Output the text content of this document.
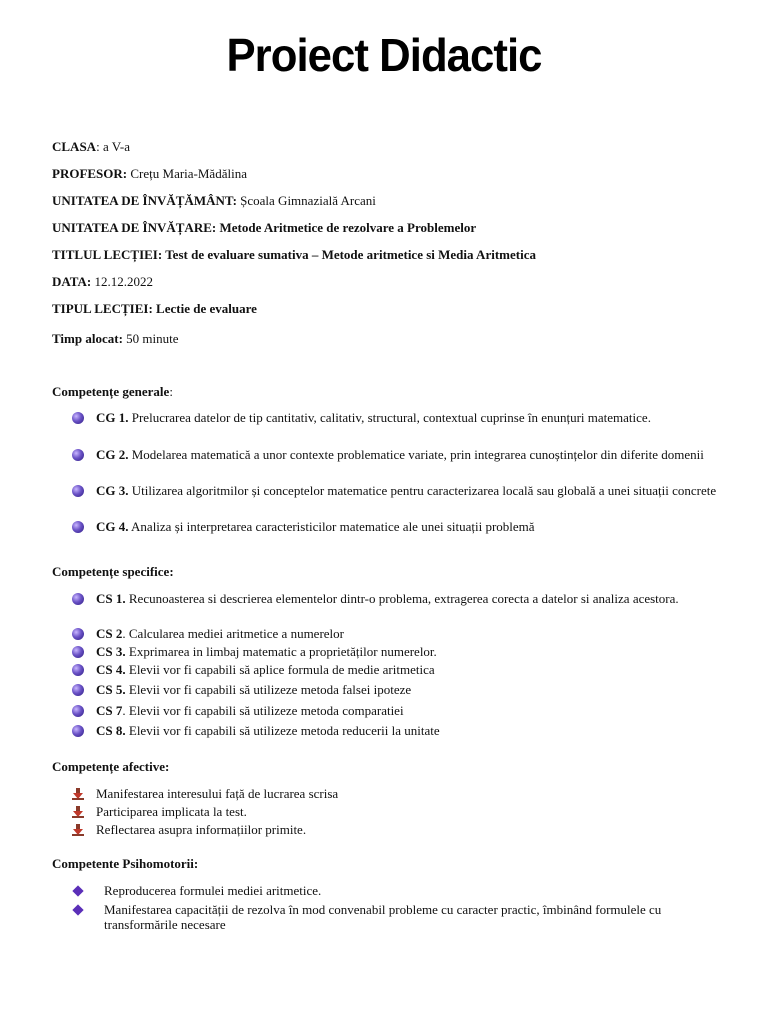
Proiect Didactic
CLASA: a V-a
PROFESOR: Crețu Maria-Mădălina
UNITATEA DE ÎNVĂȚĂMÂNT: Școala Gimnazială Arcani
UNITATEA DE ÎNVĂȚARE: Metode Aritmetice de rezolvare a Problemelor
TITLUL LECȚIEI: Test de evaluare sumativa – Metode aritmetice si Media Aritmetica
DATA: 12.12.2022
TIPUL LECȚIEI: Lectie de evaluare
Timp alocat: 50 minute
Competențe generale:
CG 1. Prelucrarea datelor de tip cantitativ, calitativ, structural, contextual cuprinse în enunțuri matematice.
CG 2. Modelarea matematică a unor contexte problematice variate, prin integrarea cunoștințelor din diferite domenii
CG 3. Utilizarea algoritmilor și conceptelor matematice pentru caracterizarea locală sau globală a unei situații concrete
CG 4. Analiza și interpretarea caracteristicilor matematice ale unei situații problemă
Competențe specifice:
CS 1. Recunoasterea si descrierea elementelor dintr-o problema, extragerea corecta a datelor si analiza acestora.
CS 2. Calcularea mediei aritmetice a numerelor
CS 3. Exprimarea in limbaj matematic a proprietăților numerelor.
CS 4. Elevii vor fi capabili să aplice formula de medie aritmetica
CS 5. Elevii vor fi capabili să utilizeze metoda falsei ipoteze
CS 7. Elevii vor fi capabili să utilizeze metoda comparatiei
CS 8. Elevii vor fi capabili să utilizeze metoda reducerii la unitate
Competențe afective:
Manifestarea interesului față de lucrarea scrisa
Participarea implicata la test.
Reflectarea asupra informațiilor primite.
Competente Psihomotorii:
Reproducerea formulei mediei aritmetice.
Manifestarea capacității de rezolva în mod convenabil probleme cu caracter practic, îmbinând formulele cu transformările necesare
